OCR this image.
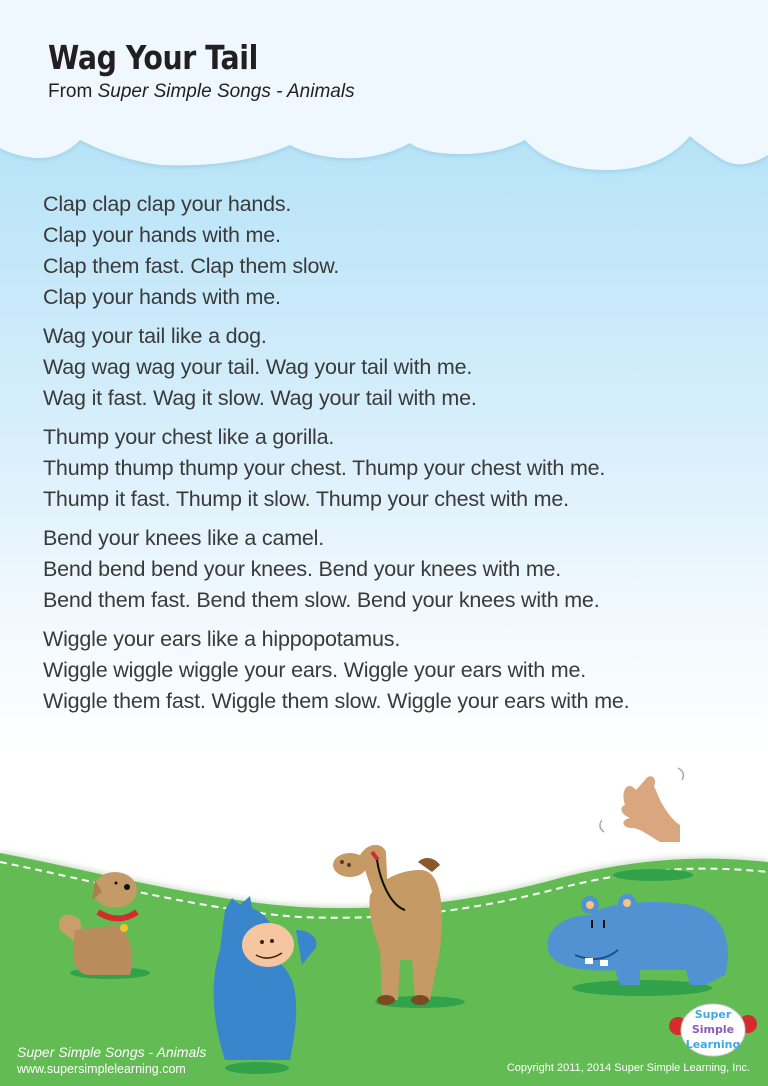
Wag Your Tail
From Super Simple Songs - Animals
Clap clap clap your hands.
Clap your hands with me.
Clap them fast. Clap them slow.
Clap your hands with me.
Wag your tail like a dog.
Wag wag wag your tail. Wag your tail with me.
Wag it fast. Wag it slow. Wag your tail with me.
Thump your chest like a gorilla.
Thump thump thump your chest. Thump your chest with me.
Thump it fast. Thump it slow. Thump your chest with me.
Bend your knees like a camel.
Bend bend bend your knees. Bend your knees with me.
Bend them fast. Bend them slow. Bend your knees with me.
Wiggle your ears like a hippopotamus.
Wiggle wiggle wiggle your ears. Wiggle your ears with me.
Wiggle them fast. Wiggle them slow. Wiggle your ears with me.
Super
Simple
Learning
Super Simple Songs - Animals
www.supersimplelearning.com	Copyright 2011, 2014 Super Simple Learning, Inc.
